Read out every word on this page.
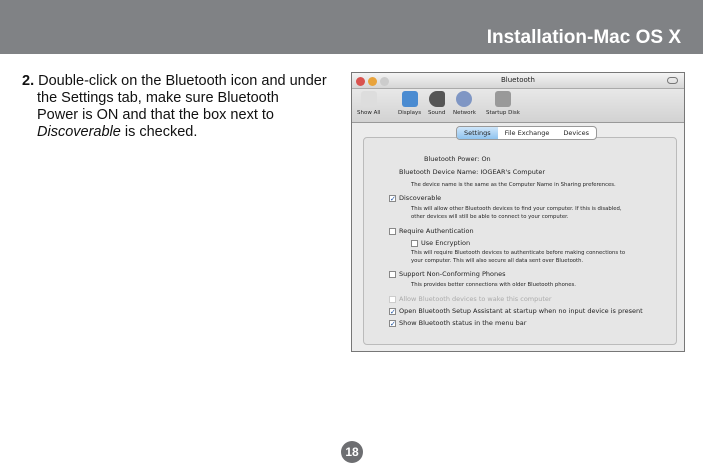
Installation-Mac OS X
2. Double-click on the Bluetooth icon and under
the Settings tab, make sure Bluetooth
Power is ON and that the box next to
Discoverable is checked.
Bluetooth
Show All	Displays Sound Network Startup Disk
Settings	File Exchange	Devices
Bluetooth Power: On
Bluetooth Device Name: IOGEAR's Computer
The device name is the same as the Computer Name in Sharing preferences.
✓ Discoverable
This will allow other Bluetooth devices to find your computer. If this is disabled,
other devices will still be able to connect to your computer.
Require Authentication
Use Encryption
This will require Bluetooth devices to authenticate before making connections to
your computer. This will also secure all data sent over Bluetooth.
Support Non-Conforming Phones
This provides better connections with older Bluetooth phones.
Allow Bluetooth devices to wake this computer
✓ Open Bluetooth Setup Assistant at startup when no input device is present
✓ Show Bluetooth status in the menu bar
18
